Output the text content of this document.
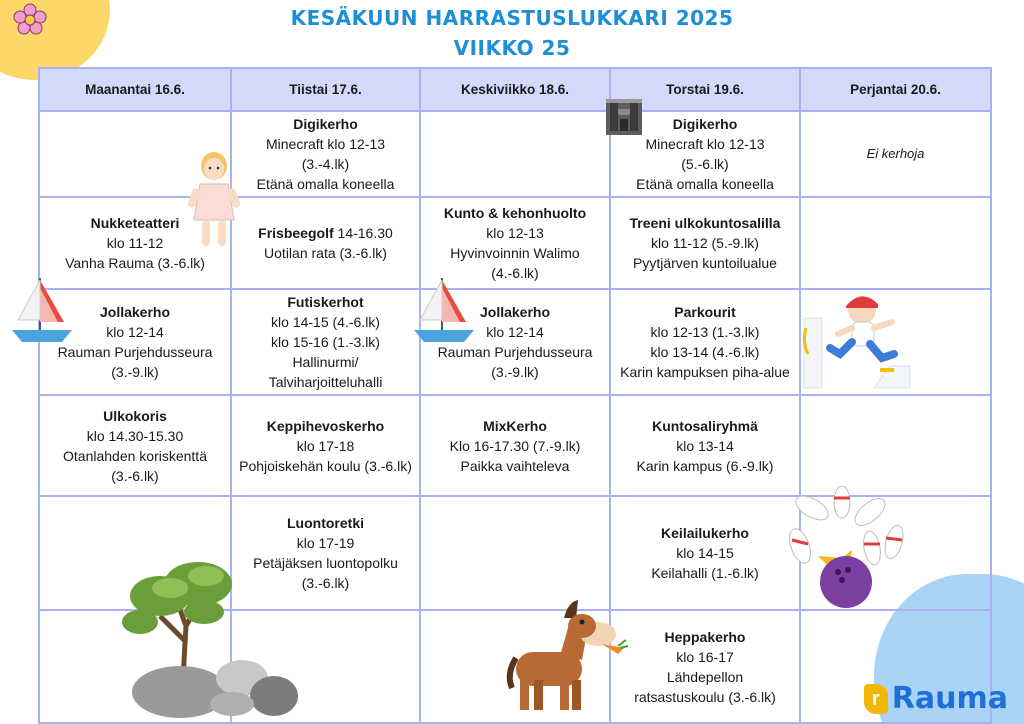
KESÄKUUN HARRASTUSLUKKARI 2025
VIIKKO 25
Maanantai 16.6.	Tiistai 17.6.	Keskiviikko 18.6.	Torstai 19.6.	Perjantai 20.6.

	Digikerho
Minecraft klo 12-13
(3.-4.lk)
Etänä omalla koneella		Digikerho
Minecraft klo 12-13
(5.-6.lk)
Etänä omalla koneella	Ei kerhoja

Nukketeatteri
klo 11-12
Vanha Rauma (3.-6.lk)	Frisbeegolf 14-16.30
Uotilan rata (3.-6.lk)	Kunto & kehonhuolto
klo 12-13
Hyvinvoinnin Walimo
(4.-6.lk)	Treeni ulkokuntosalilla
klo 11-12 (5.-9.lk)
Pyytjärven kuntoilualue	

Jollakerho
klo 12-14
Rauman Purjehdusseura
(3.-9.lk)	Futiskerhot
klo 14-15 (4.-6.lk)
klo 15-16 (1.-3.lk)
Hallinurmi/
Talviharjoitteluhalli	Jollakerho
klo 12-14
Rauman Purjehdusseura
(3.-9.lk)	Parkourit
klo 12-13 (1.-3.lk)
klo 13-14 (4.-6.lk)
Karin kampuksen piha-alue	

Ulkokoris
klo 14.30-15.30
Otanlahden koriskenttä
(3.-6.lk)	Keppihevoskerho
klo 17-18
Pohjoiskehän koulu (3.-6.lk)	MixKerho
Klo 16-17.30 (7.-9.lk)
Paikka vaihteleva	Kuntosaliryhmä
klo 13-14
Karin kampus (6.-9.lk)	

	Luontoretki
klo 17-19
Petäjäksen luontopolku
(3.-6.lk)		Keilailukerho
klo 14-15
Keilahalli (1.-6.lk)	

			Heppakerho
klo 16-17
Lähdepellon
ratsastuskoulu (3.-6.lk)	
		r Rauma
